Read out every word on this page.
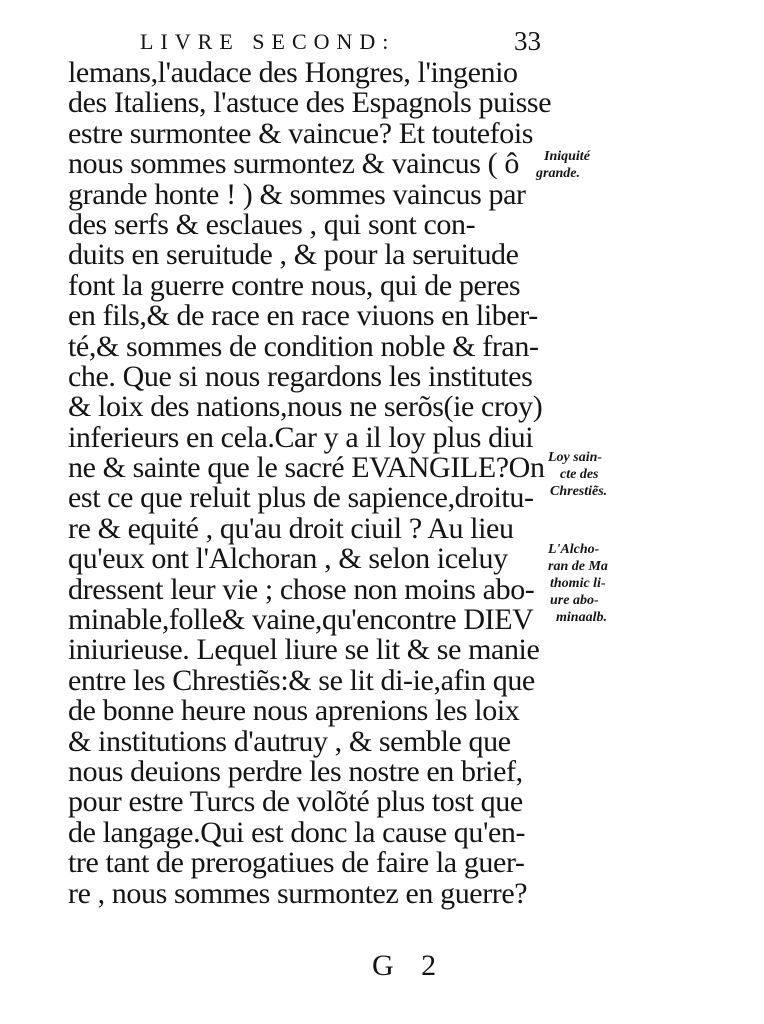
LIVRE SECOND:	33
lemans,l'audace des Hongres, l'ingenio
des Italiens, l'astuce des Espagnols puisse
estre surmontee & vaincue? Et toutefois
nous sommes surmontez & vaincus ( ô
grande honte ! ) & sommes vaincus par
des serfs & esclaues , qui sont con-
duits en seruitude , & pour la seruitude
font la guerre contre nous, qui de peres
en fils,& de race en race viuons en liber-
té,& sommes de condition noble & fran-
che. Que si nous regardons les institutes
& loix des nations,nous ne serõs(ie croy)
inferieurs en cela.Car y a il loy plus diui
ne & sainte que le sacré EVANGILE?On
est ce que reluit plus de sapience,droitu-
re & equité , qu'au droit ciuil ? Au lieu
qu'eux ont l'Alchoran , & selon iceluy
dressent leur vie ; chose non moins abo-
minable,folle& vaine,qu'encontre DIEV
iniurieuse. Lequel liure se lit & se manie
entre les Chrestiẽs:& se lit di-ie,afin que
de bonne heure nous aprenions les loix
& institutions d'autruy , & semble que
nous deuions perdre les nostre en brief,
pour estre Turcs de volõté plus tost que
de langage.Qui est donc la cause qu'en-
tre tant de prerogatiues de faire la guer-
re , nous sommes surmontez en guerre?
Iniquité
grande.
Loy sain-
cte des
Chrestiẽs.
L'Alcho-
ran de Ma
thomic li-
ure abo-
minaalb.
G 2
